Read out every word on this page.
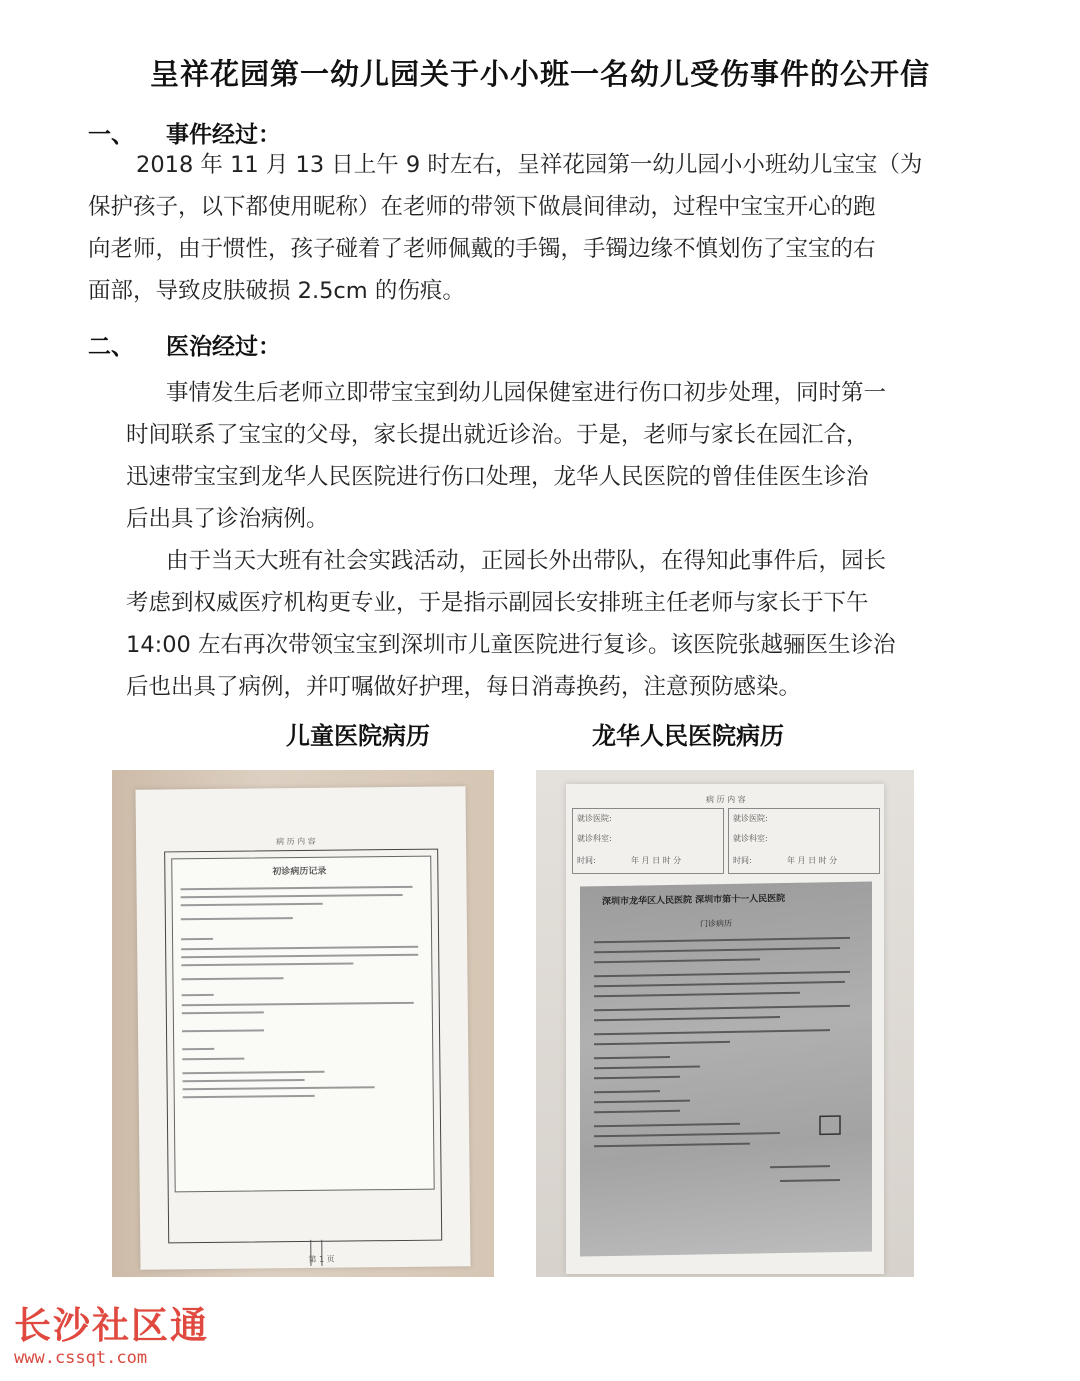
呈祥花园第一幼儿园关于小小班一名幼儿受伤事件的公开信
一、 事件经过：
2018 年 11 月 13 日上午 9 时左右，呈祥花园第一幼儿园小小班幼儿宝宝（为
保护孩子，以下都使用昵称）在老师的带领下做晨间律动，过程中宝宝开心的跑
向老师，由于惯性，孩子碰着了老师佩戴的手镯，手镯边缘不慎划伤了宝宝的右
面部，导致皮肤破损 2.5cm 的伤痕。
二、 医治经过：
事情发生后老师立即带宝宝到幼儿园保健室进行伤口初步处理，同时第一
时间联系了宝宝的父母，家长提出就近诊治。于是，老师与家长在园汇合，
迅速带宝宝到龙华人民医院进行伤口处理，龙华人民医院的曾佳佳医生诊治
后出具了诊治病例。
由于当天大班有社会实践活动，正园长外出带队，在得知此事件后，园长
考虑到权威医疗机构更专业，于是指示副园长安排班主任老师与家长于下午
14:00 左右再次带领宝宝到深圳市儿童医院进行复诊。该医院张越骊医生诊治
后也出具了病例，并叮嘱做好护理，每日消毒换药，注意预防感染。
儿童医院病历	龙华人民医院病历
病 历 内 容
初诊病历记录
第 1 页
病 历 内 容
就诊医院:
就诊科室:
时间:	年 月 日 时 分
就诊医院:
就诊科室:
时间:	年 月 日 时 分
深圳市龙华区人民医院 深圳市第十一人民医院
门诊病历
长沙社区通
www.cssqt.com
